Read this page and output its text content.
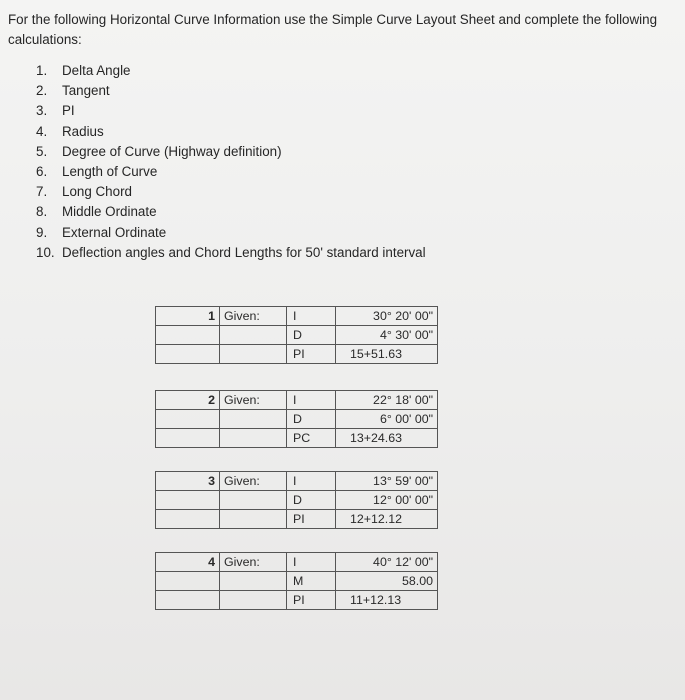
For the following Horizontal Curve Information use the Simple Curve Layout Sheet and complete the following calculations:
1.	Delta Angle
2.	Tangent
3.	PI
4.	Radius
5.	Degree of Curve (Highway definition)
6.	Length of Curve
7.	Long Chord
8.	Middle Ordinate
9.	External Ordinate
10. Deflection angles and Chord Lengths for 50' standard interval
1	Given:	I	30° 20' 00"
		D	4° 30' 00"
		PI	15+51.63
2	Given:	I	22° 18' 00"
		D	6° 00' 00"
		PC	13+24.63
3	Given:	I	13° 59' 00"
		D	12° 00' 00"
		PI	12+12.12
4	Given:	I	40° 12' 00"
		M	58.00
		PI	11+12.13
